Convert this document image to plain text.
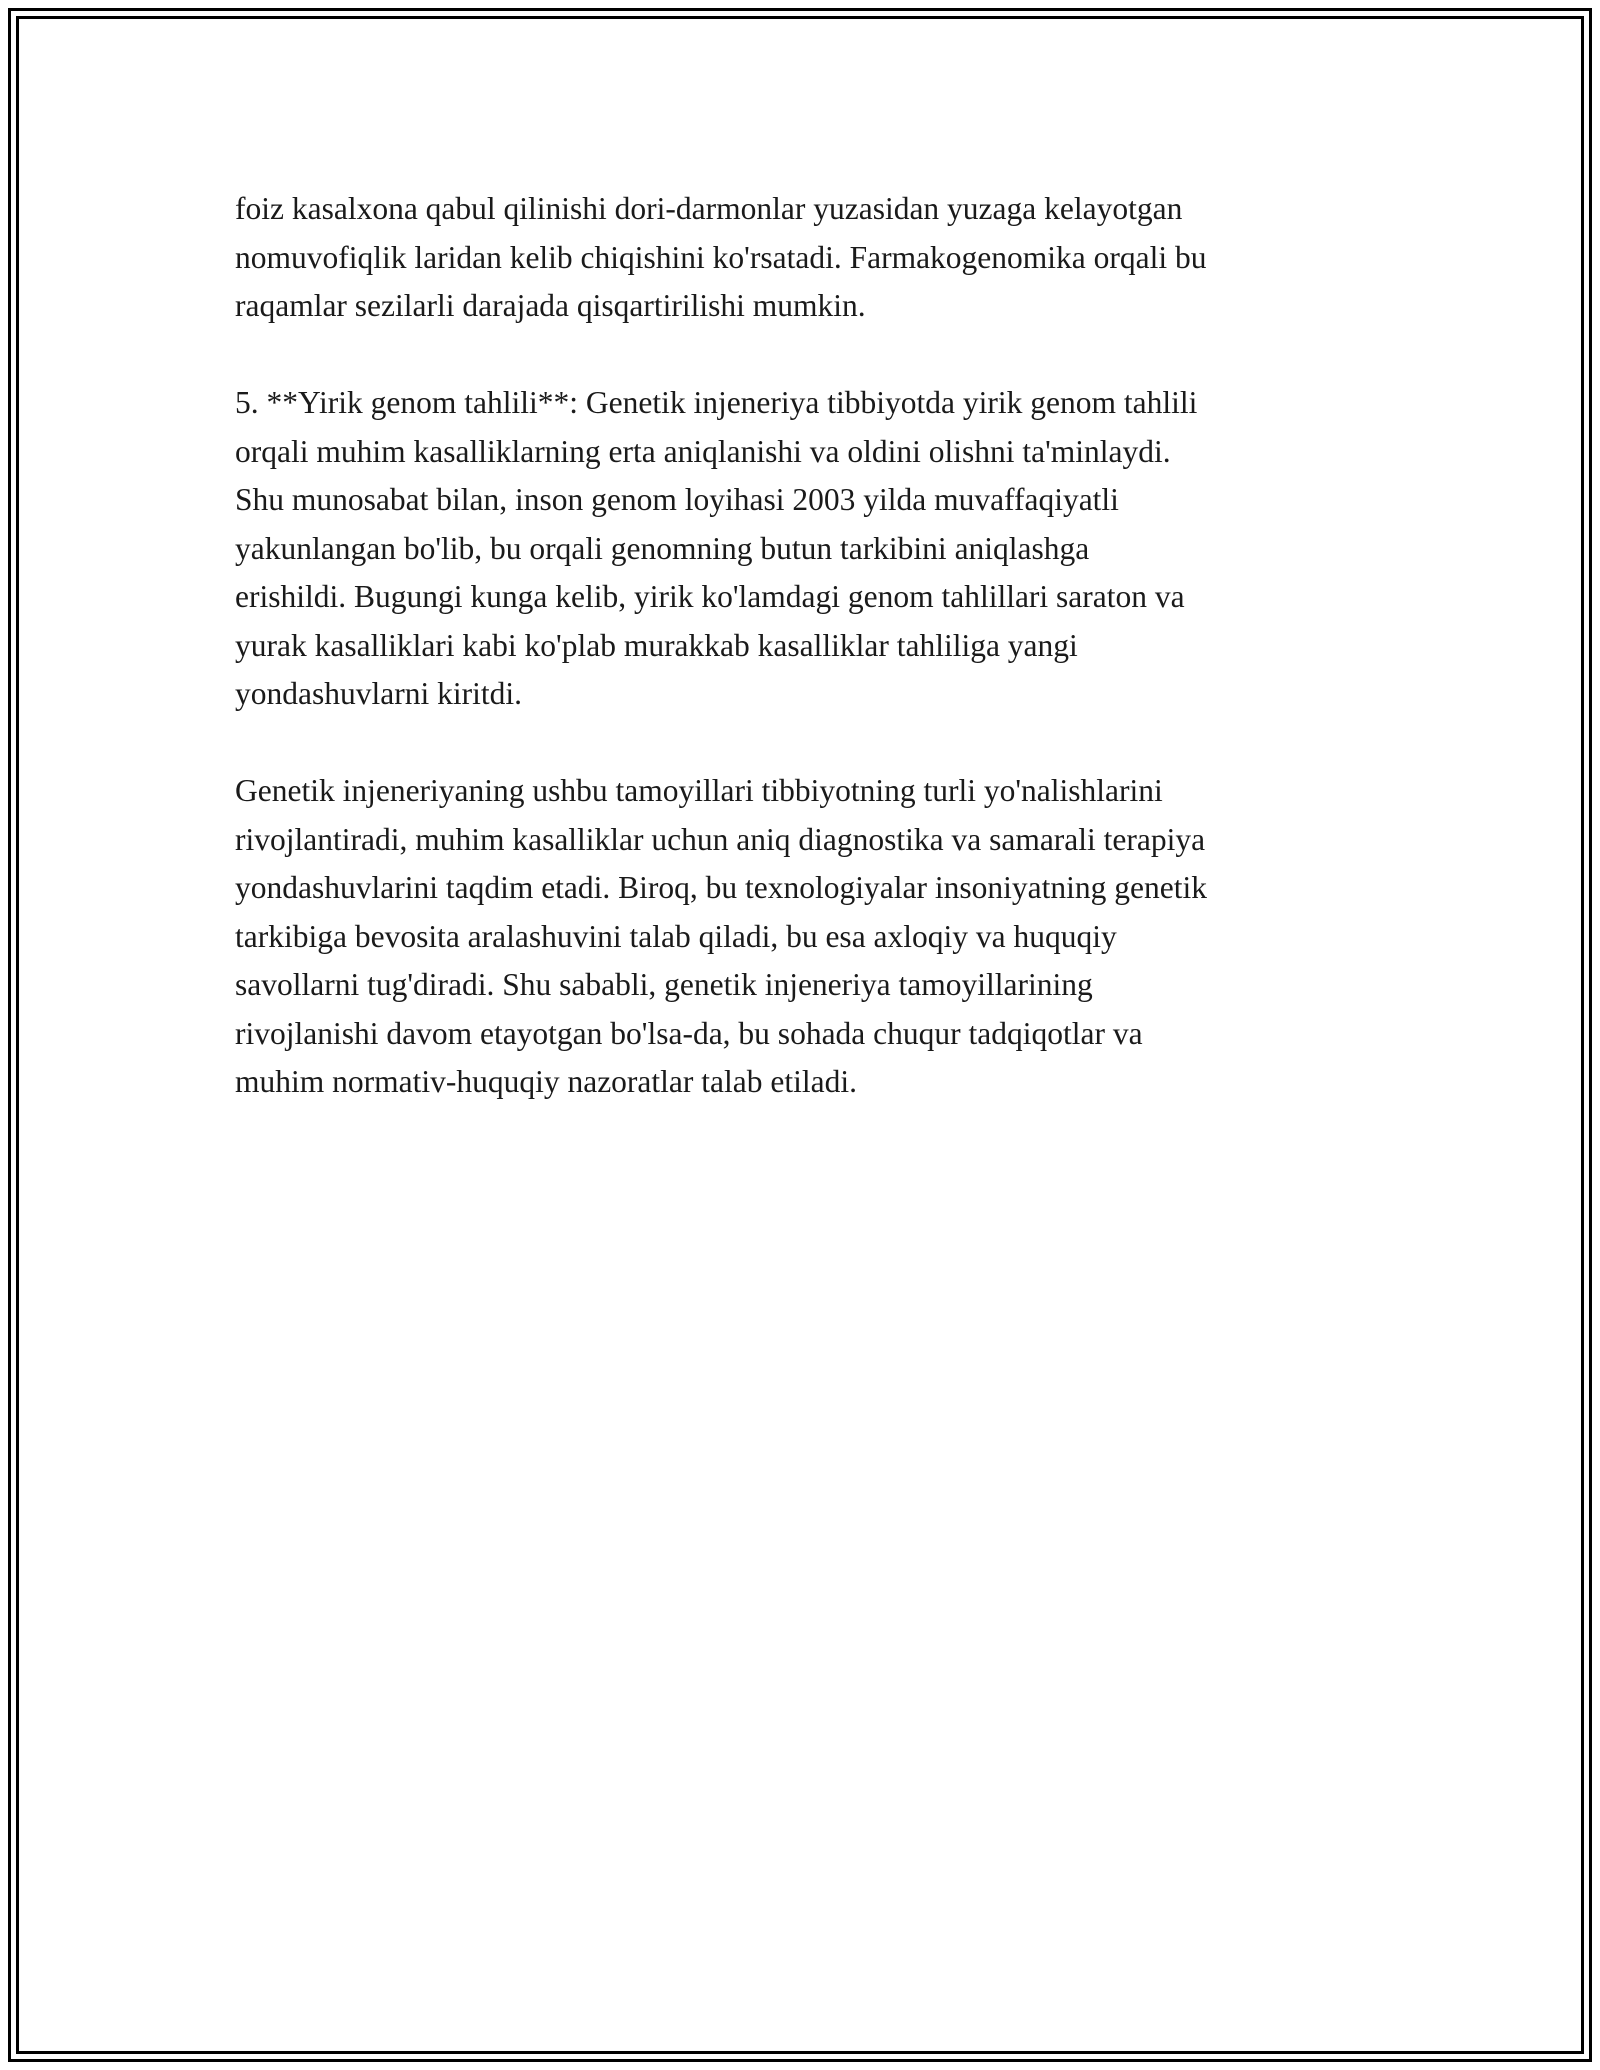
foiz kasalxona qabul qilinishi dori-darmonlar yuzasidan yuzaga kelayotgan
nomuvofiqlik laridan kelib chiqishini ko'rsatadi. Farmakogenomika orqali bu
raqamlar sezilarli darajada qisqartirilishi mumkin.

5. **Yirik genom tahlili**: Genetik injeneriya tibbiyotda yirik genom tahlili
orqali muhim kasalliklarning erta aniqlanishi va oldini olishni ta'minlaydi.
Shu munosabat bilan, inson genom loyihasi 2003 yilda muvaffaqiyatli
yakunlangan bo'lib, bu orqali genomning butun tarkibini aniqlashga
erishildi. Bugungi kunga kelib, yirik ko'lamdagi genom tahlillari saraton va
yurak kasalliklari kabi ko'plab murakkab kasalliklar tahliliga yangi
yondashuvlarni kiritdi.

Genetik injeneriyaning ushbu tamoyillari tibbiyotning turli yo'nalishlarini
rivojlantiradi, muhim kasalliklar uchun aniq diagnostika va samarali terapiya
yondashuvlarini taqdim etadi. Biroq, bu texnologiyalar insoniyatning genetik
tarkibiga bevosita aralashuvini talab qiladi, bu esa axloqiy va huquqiy
savollarni tug'diradi. Shu sababli, genetik injeneriya tamoyillarining
rivojlanishi davom etayotgan bo'lsa-da, bu sohada chuqur tadqiqotlar va
muhim normativ-huquqiy nazoratlar talab etiladi.
